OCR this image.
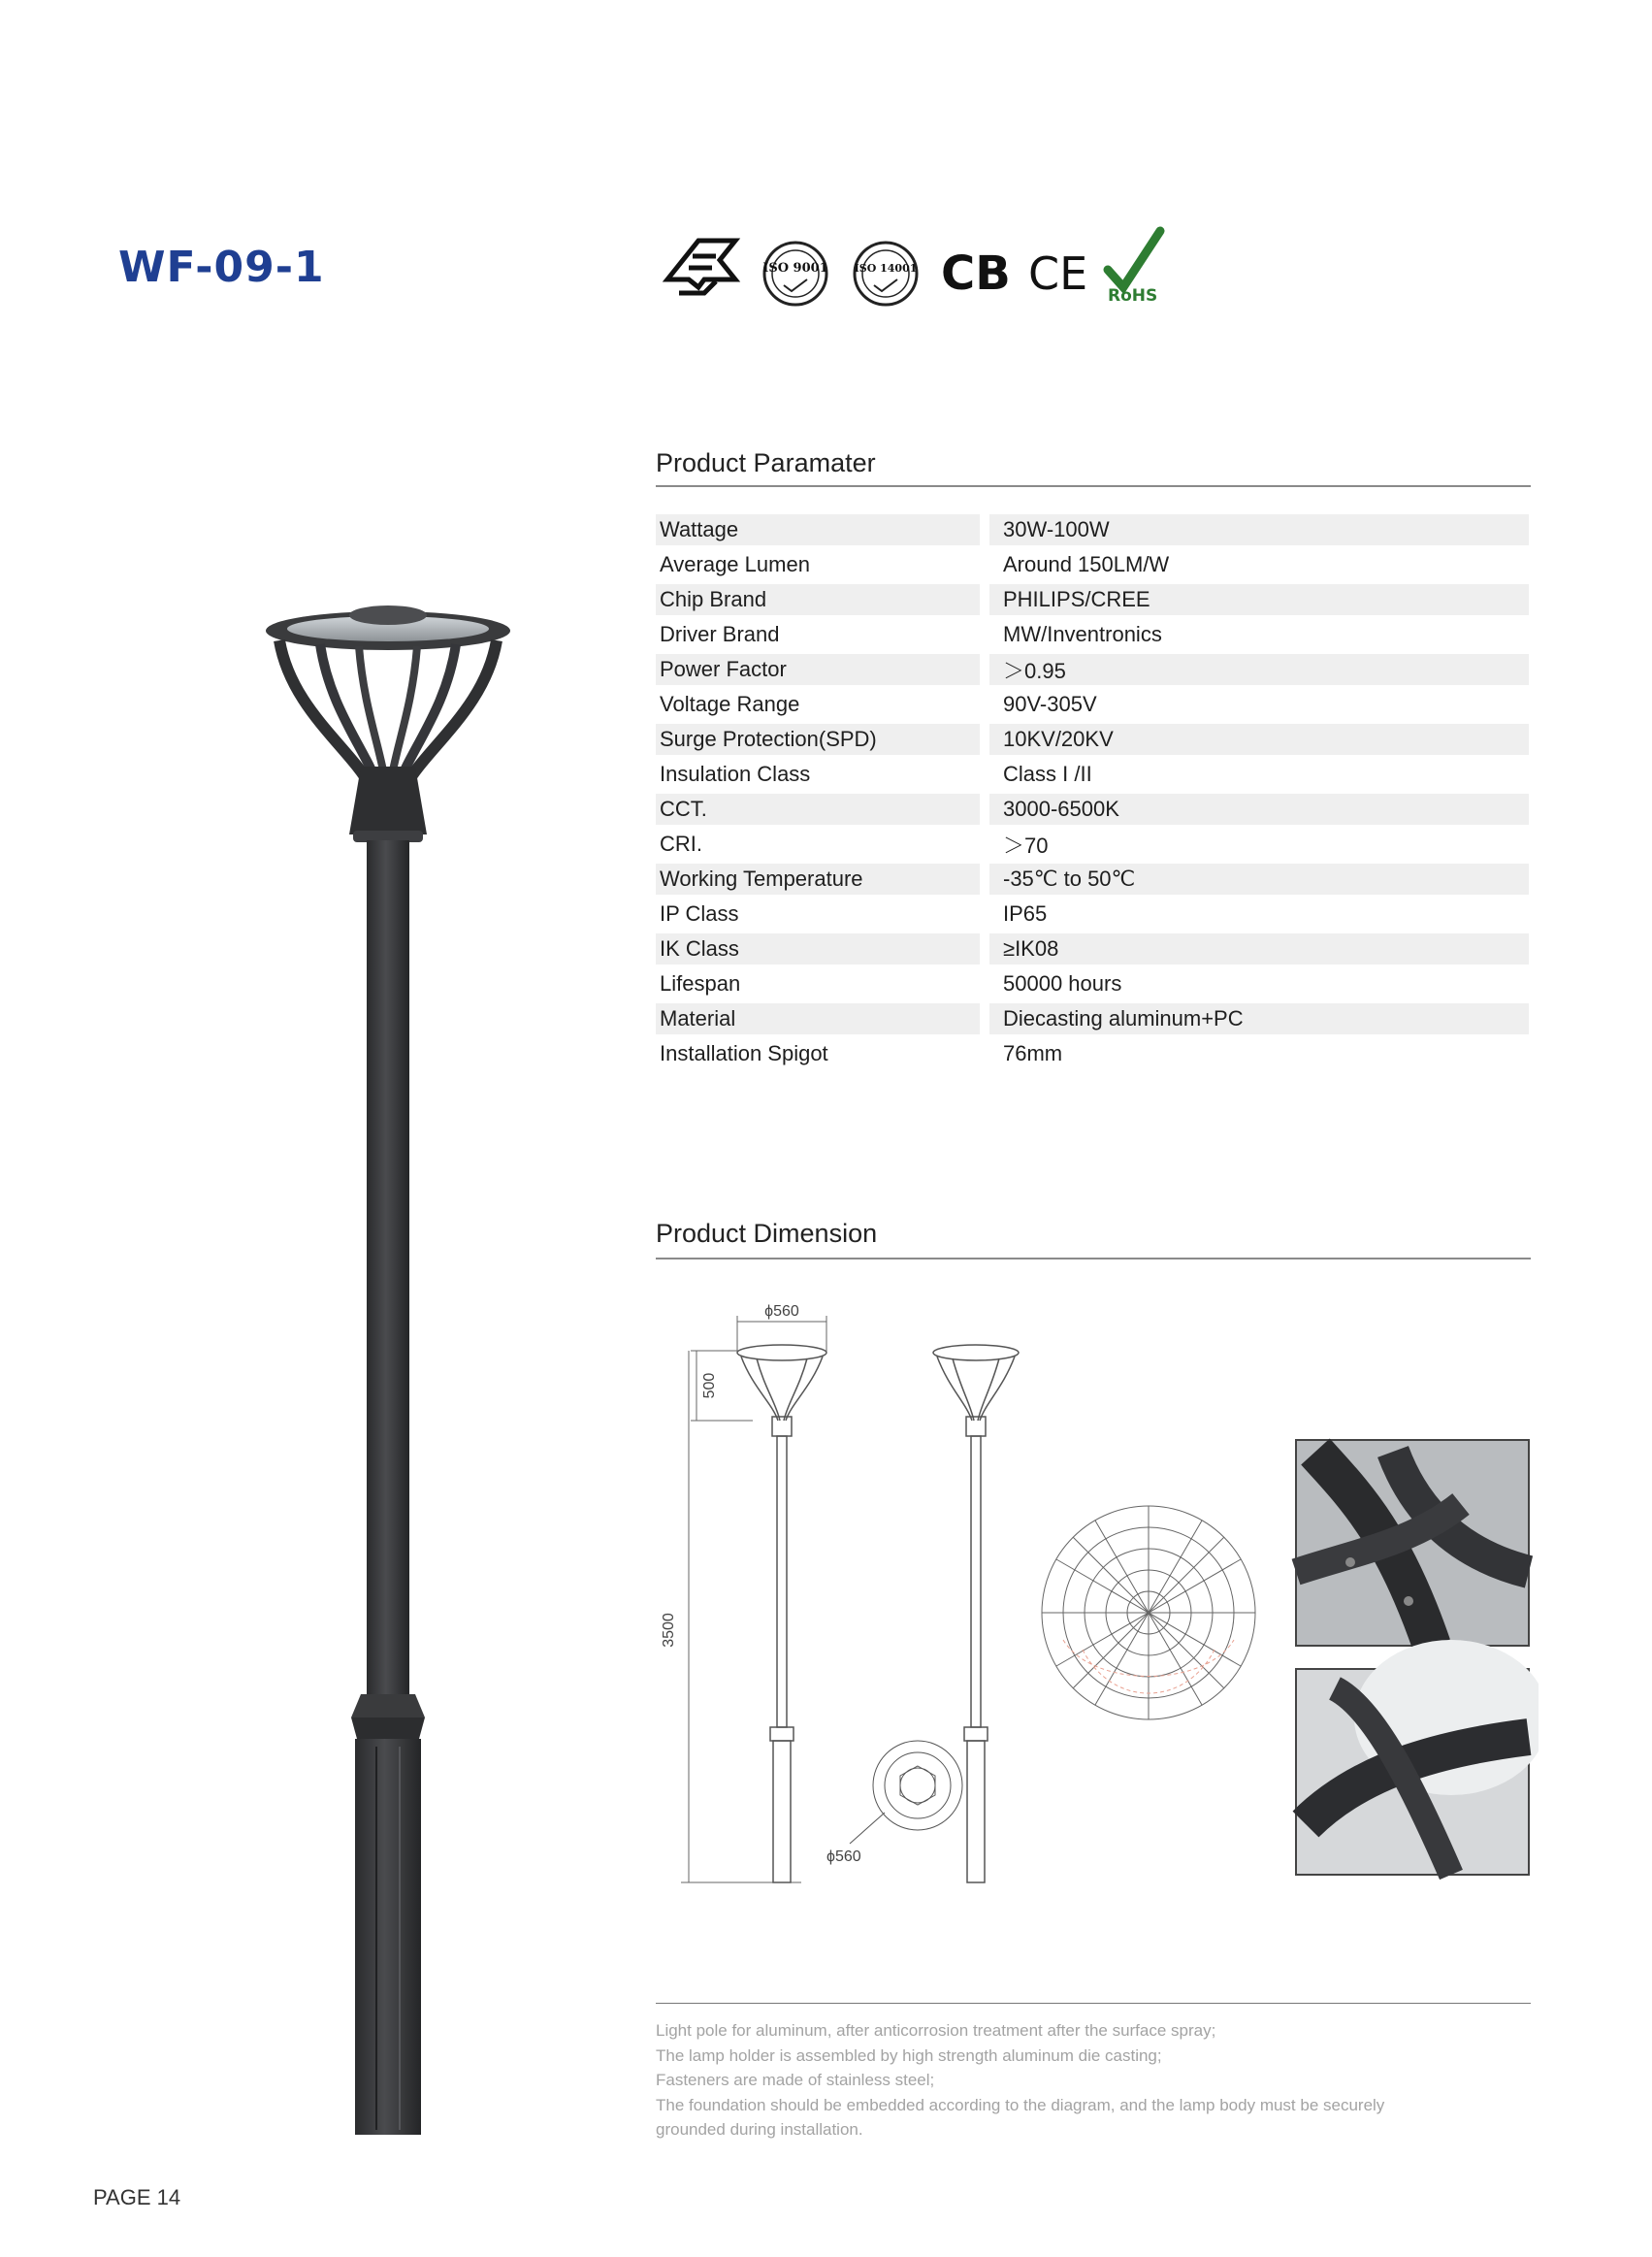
WF-09-1	ISO 9001 ISO 14001 CB CE RoHS
Product Paramater
Wattage		30W-100W
Average Lumen		Around 150LM/W
Chip Brand		PHILIPS/CREE
Driver Brand		MW/Inventronics
Power Factor		＞0.95
Voltage Range		90V-305V
Surge Protection(SPD)		10KV/20KV
Insulation Class		Class I /II
CCT.		3000-6500K
CRI.		＞70
Working Temperature		-35℃ to 50℃
IP Class		IP65
IK Class		≥IK08
Lifespan		50000 hours
Material		Diecasting aluminum+PC
Installation Spigot		76mm
Product Dimension
ϕ560
500
3500
ϕ560
Light pole for aluminum, after anticorrosion treatment after the surface spray;
The lamp holder is assembled by high strength aluminum die casting;
Fasteners are made of stainless steel;
The foundation should be embedded according to the diagram, and the lamp body must be securely
grounded during installation.
PAGE 14
